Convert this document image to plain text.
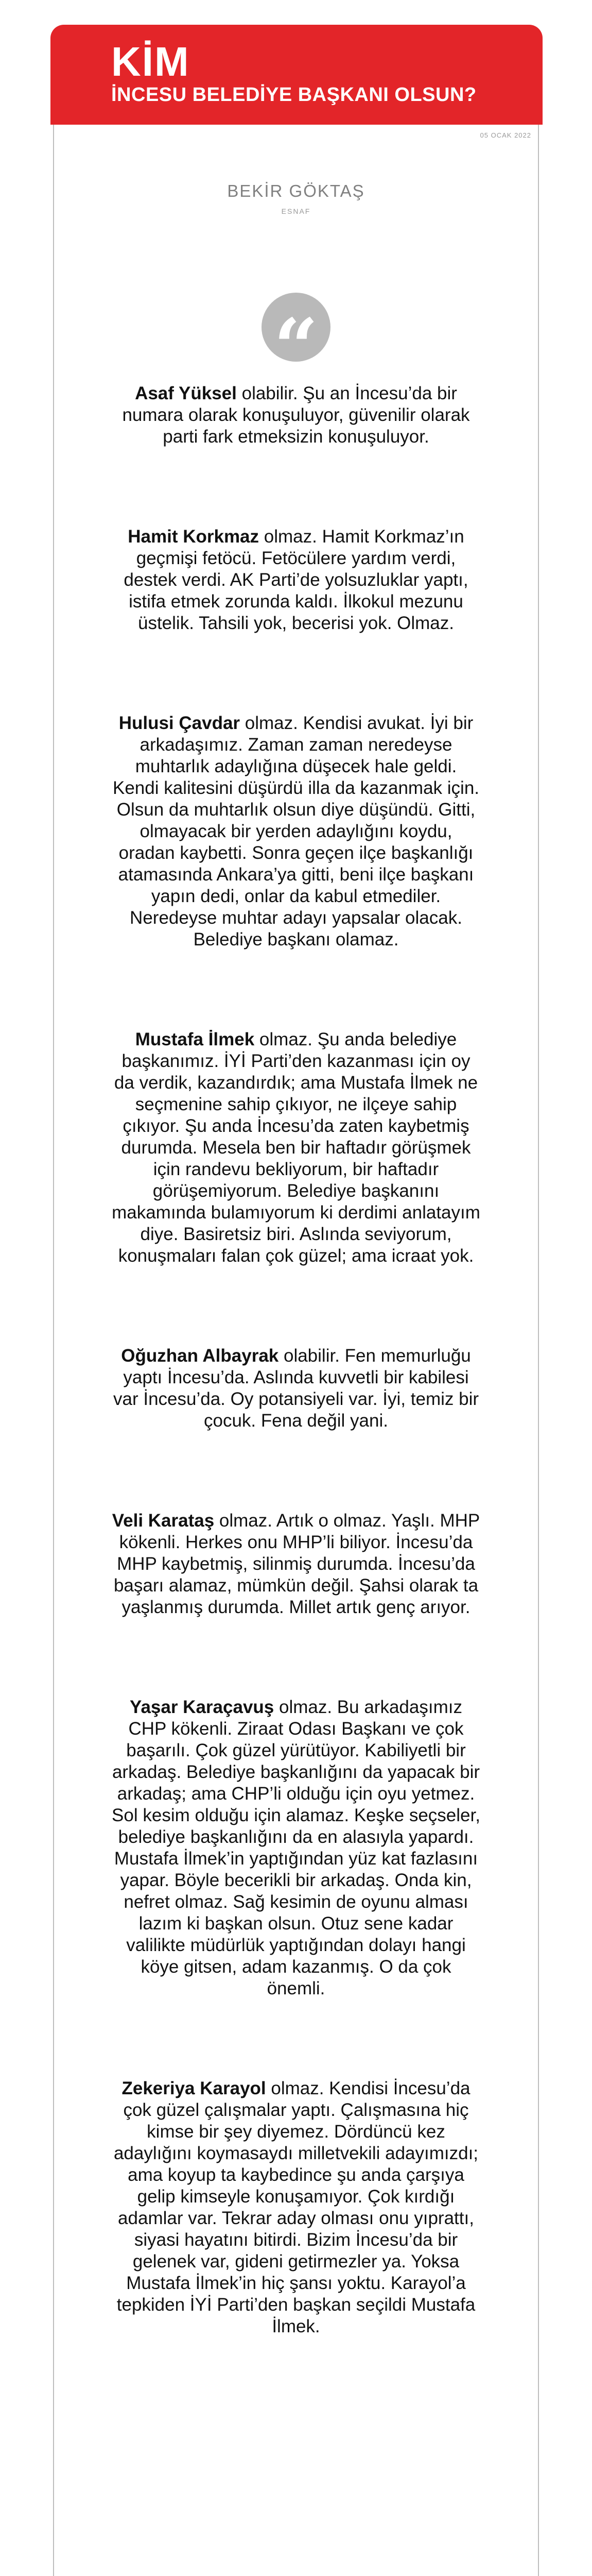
KİM
İNCESU BELEDİYE BAŞKANI OLSUN?
05 OCAK 2022
BEKİR GÖKTAŞ
ESNAF
“

Asaf Yüksel olabilir. Şu an İncesu’da bir numara olarak konuşuluyor, güvenilir olarak parti fark etmeksizin konuşuluyor.

Hamit Korkmaz olmaz. Hamit Korkmaz’ın geçmişi fetöcü. Fetöcülere yardım verdi, destek verdi. AK Parti’de yolsuzluklar yaptı, istifa etmek zorunda kaldı. İlkokul mezunu üstelik. Tahsili yok, becerisi yok. Olmaz.

Hulusi Çavdar olmaz. Kendisi avukat. İyi bir arkadaşımız. Zaman zaman neredeyse muhtarlık adaylığına düşecek hale geldi. Kendi kalitesini düşürdü illa da kazanmak için. Olsun da muhtarlık olsun diye düşündü. Gitti, olmayacak bir yerden adaylığını koydu, oradan kaybetti. Sonra geçen ilçe başkanlığı atamasında Ankara’ya gitti, beni ilçe başkanı yapın dedi, onlar da kabul etmediler. Neredeyse muhtar adayı yapsalar olacak. Belediye başkanı olamaz.

Mustafa İlmek olmaz. Şu anda belediye başkanımız. İYİ Parti’den kazanması için oy da verdik, kazandırdık; ama Mustafa İlmek ne seçmenine sahip çıkıyor, ne ilçeye sahip çıkıyor. Şu anda İncesu’da zaten kaybetmiş durumda. Mesela ben bir haftadır görüşmek için randevu bekliyorum, bir haftadır görüşemiyorum. Belediye başkanını makamında bulamıyorum ki derdimi anlatayım diye. Basiretsiz biri. Aslında seviyorum, konuşmaları falan çok güzel; ama icraat yok.

Oğuzhan Albayrak olabilir. Fen memurluğu yaptı İncesu’da. Aslında kuvvetli bir kabilesi var İncesu’da. Oy potansiyeli var. İyi, temiz bir çocuk. Fena değil yani.

Veli Karataş olmaz. Artık o olmaz. Yaşlı. MHP kökenli. Herkes onu MHP’li biliyor. İncesu’da MHP kaybetmiş, silinmiş durumda. İncesu’da başarı alamaz, mümkün değil. Şahsi olarak ta yaşlanmış durumda. Millet artık genç arıyor.

Yaşar Karaçavuş olmaz. Bu arkadaşımız CHP kökenli. Ziraat Odası Başkanı ve çok başarılı. Çok güzel yürütüyor. Kabiliyetli bir arkadaş. Belediye başkanlığını da yapacak bir arkadaş; ama CHP’li olduğu için oyu yetmez. Sol kesim olduğu için alamaz. Keşke seçseler, belediye başkanlığını da en alasıyla yapardı. Mustafa İlmek’in yaptığından yüz kat fazlasını yapar. Böyle becerikli bir arkadaş. Onda kin, nefret olmaz. Sağ kesimin de oyunu alması lazım ki başkan olsun. Otuz sene kadar valilikte müdürlük yaptığından dolayı hangi köye gitsen, adam kazanmış. O da çok önemli.

Zekeriya Karayol olmaz. Kendisi İncesu’da çok güzel çalışmalar yaptı. Çalışmasına hiç kimse bir şey diyemez. Dördüncü kez adaylığını koymasaydı milletvekili adayımızdı; ama koyup ta kaybedince şu anda çarşıya gelip kimseyle konuşamıyor. Çok kırdığı adamlar var. Tekrar aday olması onu yıprattı, siyasi hayatını bitirdi. Bizim İncesu’da bir gelenek var, gideni getirmezler ya. Yoksa Mustafa İlmek’in hiç şansı yoktu. Karayol’a tepkiden İYİ Parti’den başkan seçildi Mustafa İlmek.
